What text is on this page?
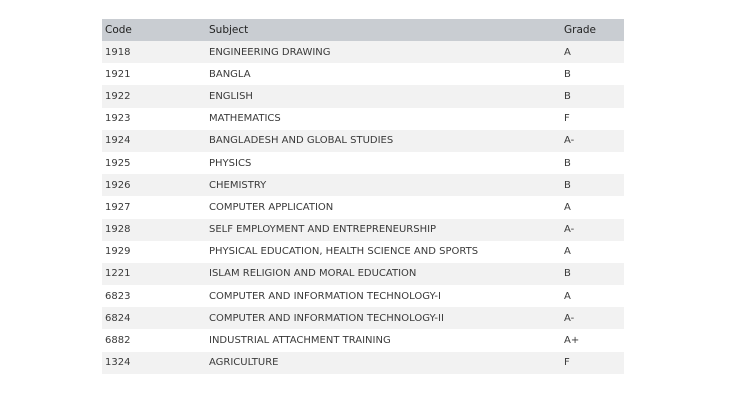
Code	Subject	Grade
1918	ENGINEERING DRAWING	A
1921	BANGLA	B
1922	ENGLISH	B
1923	MATHEMATICS	F
1924	BANGLADESH AND GLOBAL STUDIES	A-
1925	PHYSICS	B
1926	CHEMISTRY	B
1927	COMPUTER APPLICATION	A
1928	SELF EMPLOYMENT AND ENTREPRENEURSHIP	A-
1929	PHYSICAL EDUCATION, HEALTH SCIENCE AND SPORTS	A
1221	ISLAM RELIGION AND MORAL EDUCATION	B
6823	COMPUTER AND INFORMATION TECHNOLOGY-I	A
6824	COMPUTER AND INFORMATION TECHNOLOGY-II	A-
6882	INDUSTRIAL ATTACHMENT TRAINING	A+
1324	AGRICULTURE	F
